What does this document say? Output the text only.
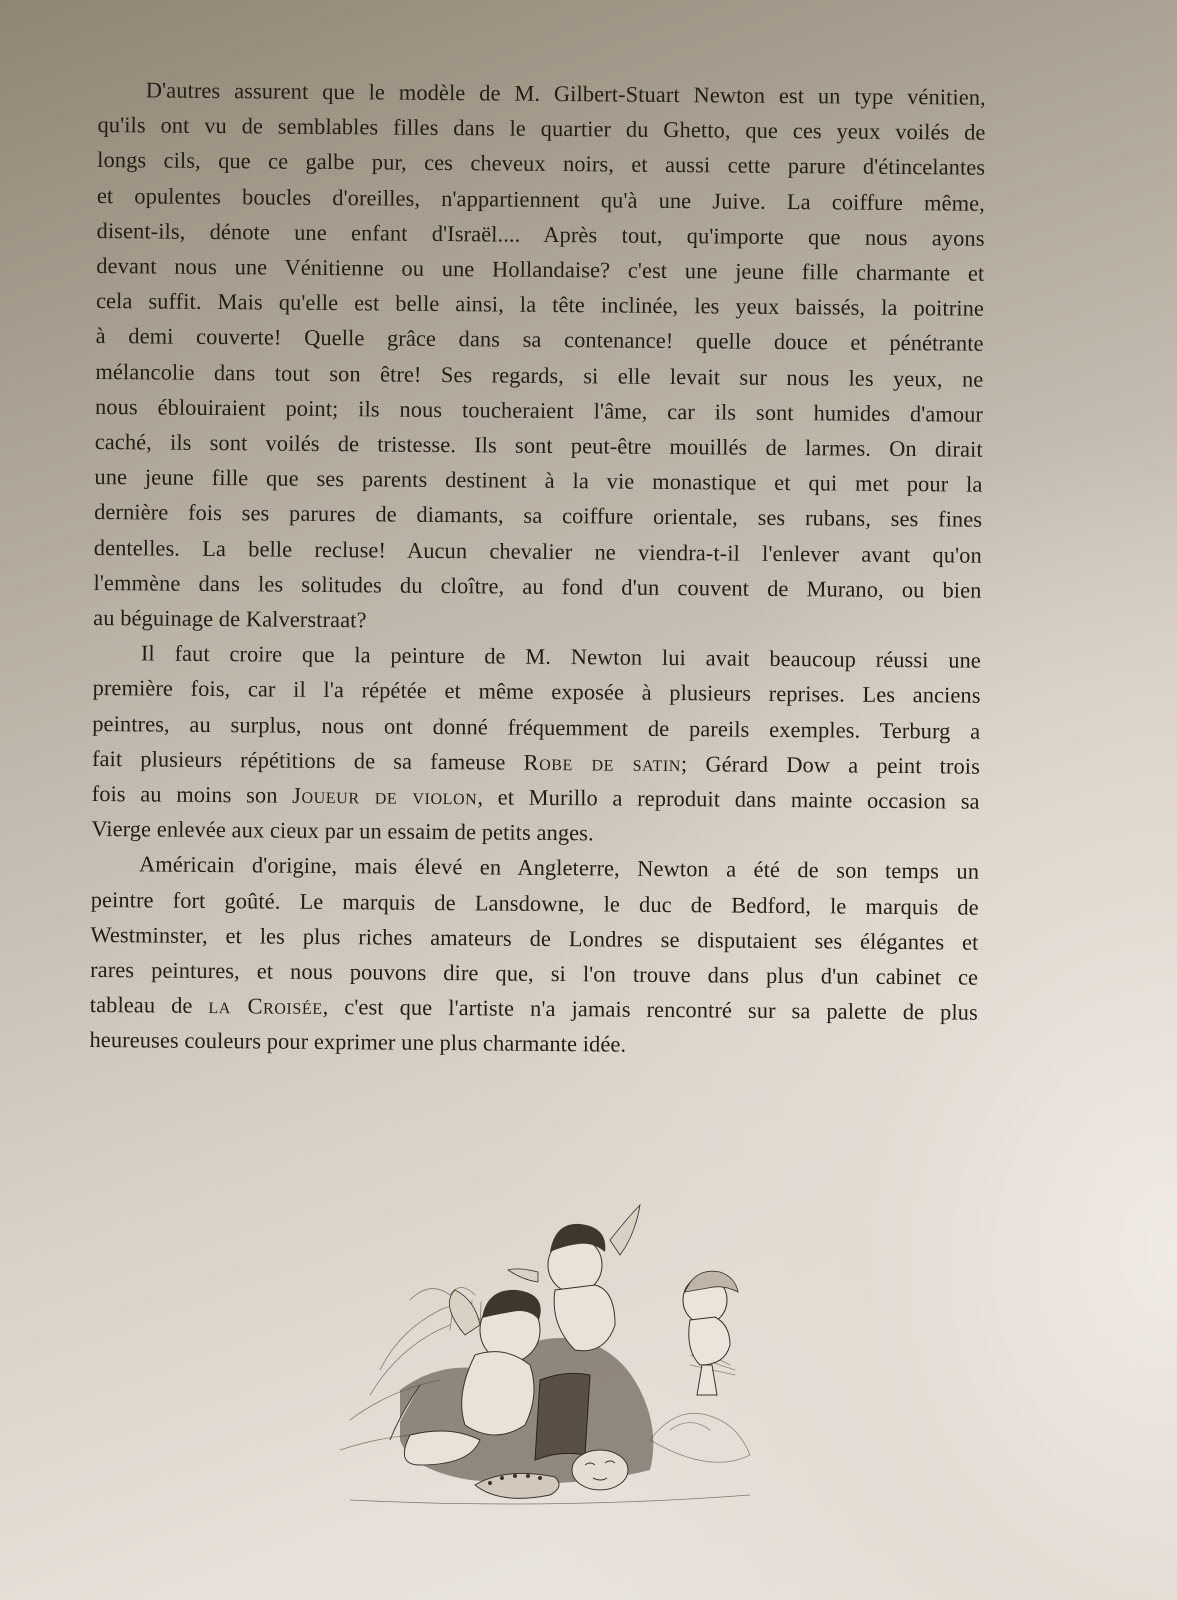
D'autres assurent que le modèle de M. Gilbert-Stuart Newton est un type vénitien,
qu'ils ont vu de semblables filles dans le quartier du Ghetto, que ces yeux voilés de
longs cils, que ce galbe pur, ces cheveux noirs, et aussi cette parure d'étincelantes
et opulentes boucles d'oreilles, n'appartiennent qu'à une Juive. La coiffure même,
disent-ils, dénote une enfant d'Israël.... Après tout, qu'importe que nous ayons
devant nous une Vénitienne ou une Hollandaise? c'est une jeune fille charmante et
cela suffit. Mais qu'elle est belle ainsi, la tête inclinée, les yeux baissés, la poitrine
à demi couverte! Quelle grâce dans sa contenance! quelle douce et pénétrante
mélancolie dans tout son être! Ses regards, si elle levait sur nous les yeux, ne
nous éblouiraient point; ils nous toucheraient l'âme, car ils sont humides d'amour
caché, ils sont voilés de tristesse. Ils sont peut-être mouillés de larmes. On dirait
une jeune fille que ses parents destinent à la vie monastique et qui met pour la
dernière fois ses parures de diamants, sa coiffure orientale, ses rubans, ses fines
dentelles. La belle recluse! Aucun chevalier ne viendra-t-il l'enlever avant qu'on
l'emmène dans les solitudes du cloître, au fond d'un couvent de Murano, ou bien
au béguinage de Kalverstraat?
Il faut croire que la peinture de M. Newton lui avait beaucoup réussi une
première fois, car il l'a répétée et même exposée à plusieurs reprises. Les anciens
peintres, au surplus, nous ont donné fréquemment de pareils exemples. Terburg a
fait plusieurs répétitions de sa fameuse Robe de satin; Gérard Dow a peint trois
fois au moins son Joueur de violon, et Murillo a reproduit dans mainte occasion sa
Vierge enlevée aux cieux par un essaim de petits anges.
Américain d'origine, mais élevé en Angleterre, Newton a été de son temps un
peintre fort goûté. Le marquis de Lansdowne, le duc de Bedford, le marquis de
Westminster, et les plus riches amateurs de Londres se disputaient ses élégantes et
rares peintures, et nous pouvons dire que, si l'on trouve dans plus d'un cabinet ce
tableau de la Croisée, c'est que l'artiste n'a jamais rencontré sur sa palette de plus
heureuses couleurs pour exprimer une plus charmante idée.
